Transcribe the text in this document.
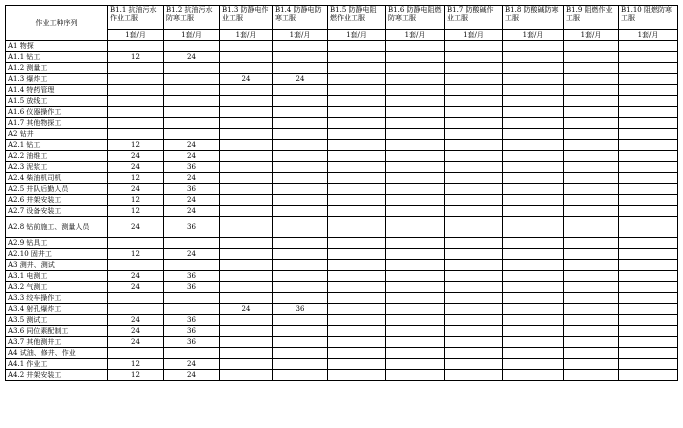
作业工种序列	B1.1 抗油污水作业工服	B1.2 抗油污水防寒工服	B1.3 防静电作业工服	B1.4 防静电防寒工服	B1.5 防静电阻燃作业工服	B1.6 防静电阻燃防寒工服	B1.7 防酸碱作业工服	B1.8 防酸碱防寒工服	B1.9 阻燃作业工服	B1.10 阻燃防寒工服
	1套/月	1套/月	1套/月	1套/月	1套/月	1套/月	1套/月	1套/月	1套/月	1套/月
A1 物探										
A1.1 钻工	12	24								
A1.2 测量工										
A1.3 爆炸工			24	24						
A1.4 特药管理										
A1.5 放线工										
A1.6 仪器操作工										
A1.7 其他物探工										
A2 钻井										
A2.1 钻工	12	24								
A2.2 油维工	24	24								
A2.3 泥浆工	24	36								
A2.4 柴油机司机	12	24								
A2.5 井队后勤人员	24	36								
A2.6 井架安装工	12	24								
A2.7 设备安装工	12	24								
A2.8 钻前施工、测量人员	24	36								
A2.9 钻具工										
A2.10 固井工	12	24								
A3 测井、测试										
A3.1 电测工	24	36								
A3.2 气测工	24	36								
A3.3 绞车操作工										
A3.4 射孔爆炸工			24	36						
A3.5 测试工	24	36								
A3.6 同位素配制工	24	36								
A3.7 其他测井工	24	36								
A4 试油、修井、作业										
A4.1 作业工	12	24								
A4.2 井架安装工	12	24								
